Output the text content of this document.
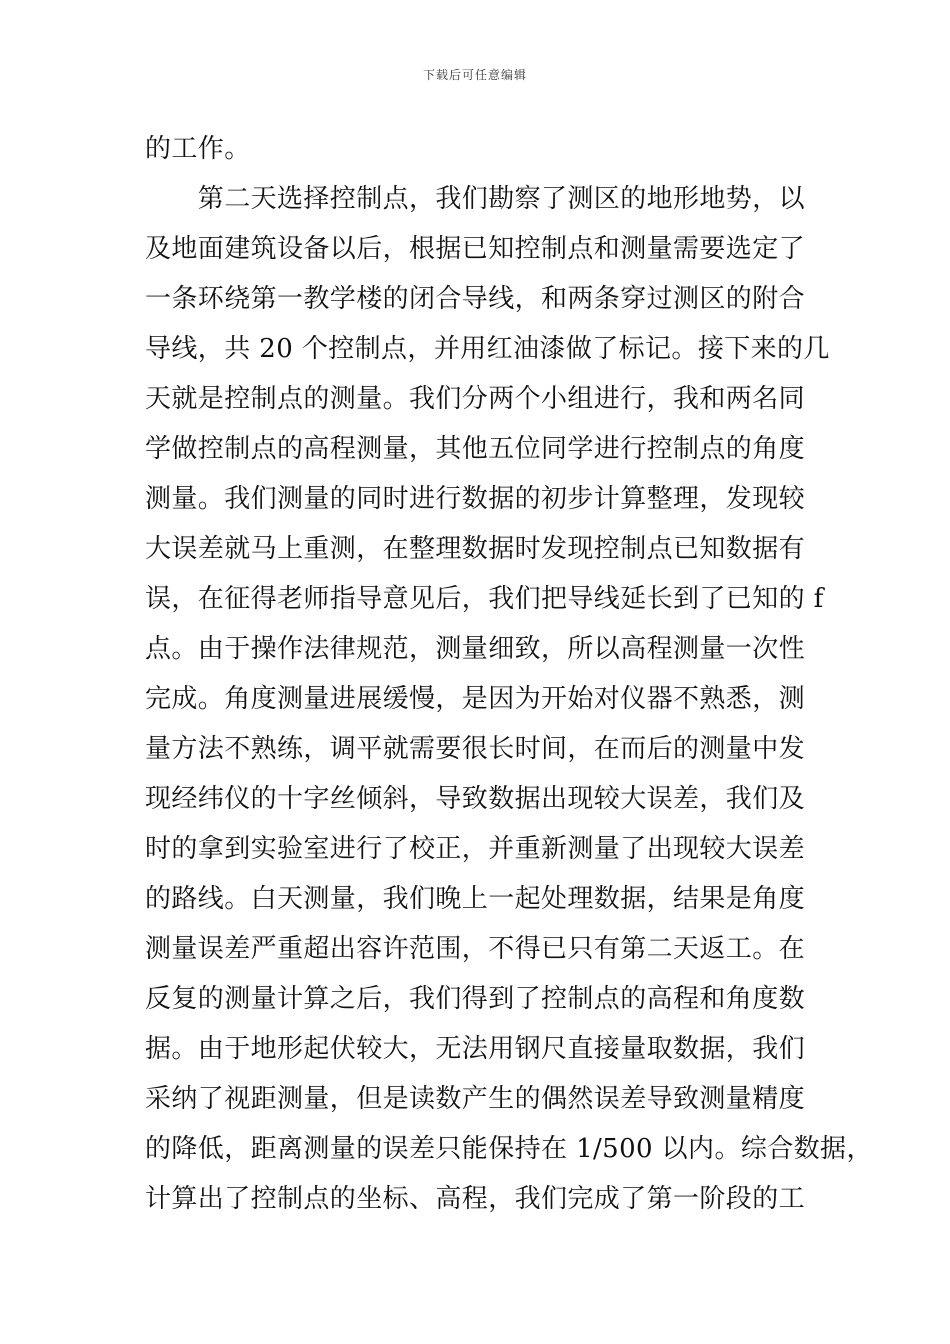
下载后可任意编辑
的工作。
　　第二天选择控制点，我们勘察了测区的地形地势，以
及地面建筑设备以后，根据已知控制点和测量需要选定了
一条环绕第一教学楼的闭合导线，和两条穿过测区的附合
导线，共 20 个控制点，并用红油漆做了标记。接下来的几
天就是控制点的测量。我们分两个小组进行，我和两名同
学做控制点的高程测量，其他五位同学进行控制点的角度
测量。我们测量的同时进行数据的初步计算整理，发现较
大误差就马上重测，在整理数据时发现控制点已知数据有
误，在征得老师指导意见后，我们把导线延长到了已知的 f
点。由于操作法律规范，测量细致，所以高程测量一次性
完成。角度测量进展缓慢，是因为开始对仪器不熟悉，测
量方法不熟练，调平就需要很长时间，在而后的测量中发
现经纬仪的十字丝倾斜，导致数据出现较大误差，我们及
时的拿到实验室进行了校正，并重新测量了出现较大误差
的路线。白天测量，我们晚上一起处理数据，结果是角度
测量误差严重超出容许范围，不得已只有第二天返工。在
反复的测量计算之后，我们得到了控制点的高程和角度数
据。由于地形起伏较大，无法用钢尺直接量取数据，我们
采纳了视距测量，但是读数产生的偶然误差导致测量精度
的降低，距离测量的误差只能保持在 1/500 以内。综合数据，
计算出了控制点的坐标、高程，我们完成了第一阶段的工
